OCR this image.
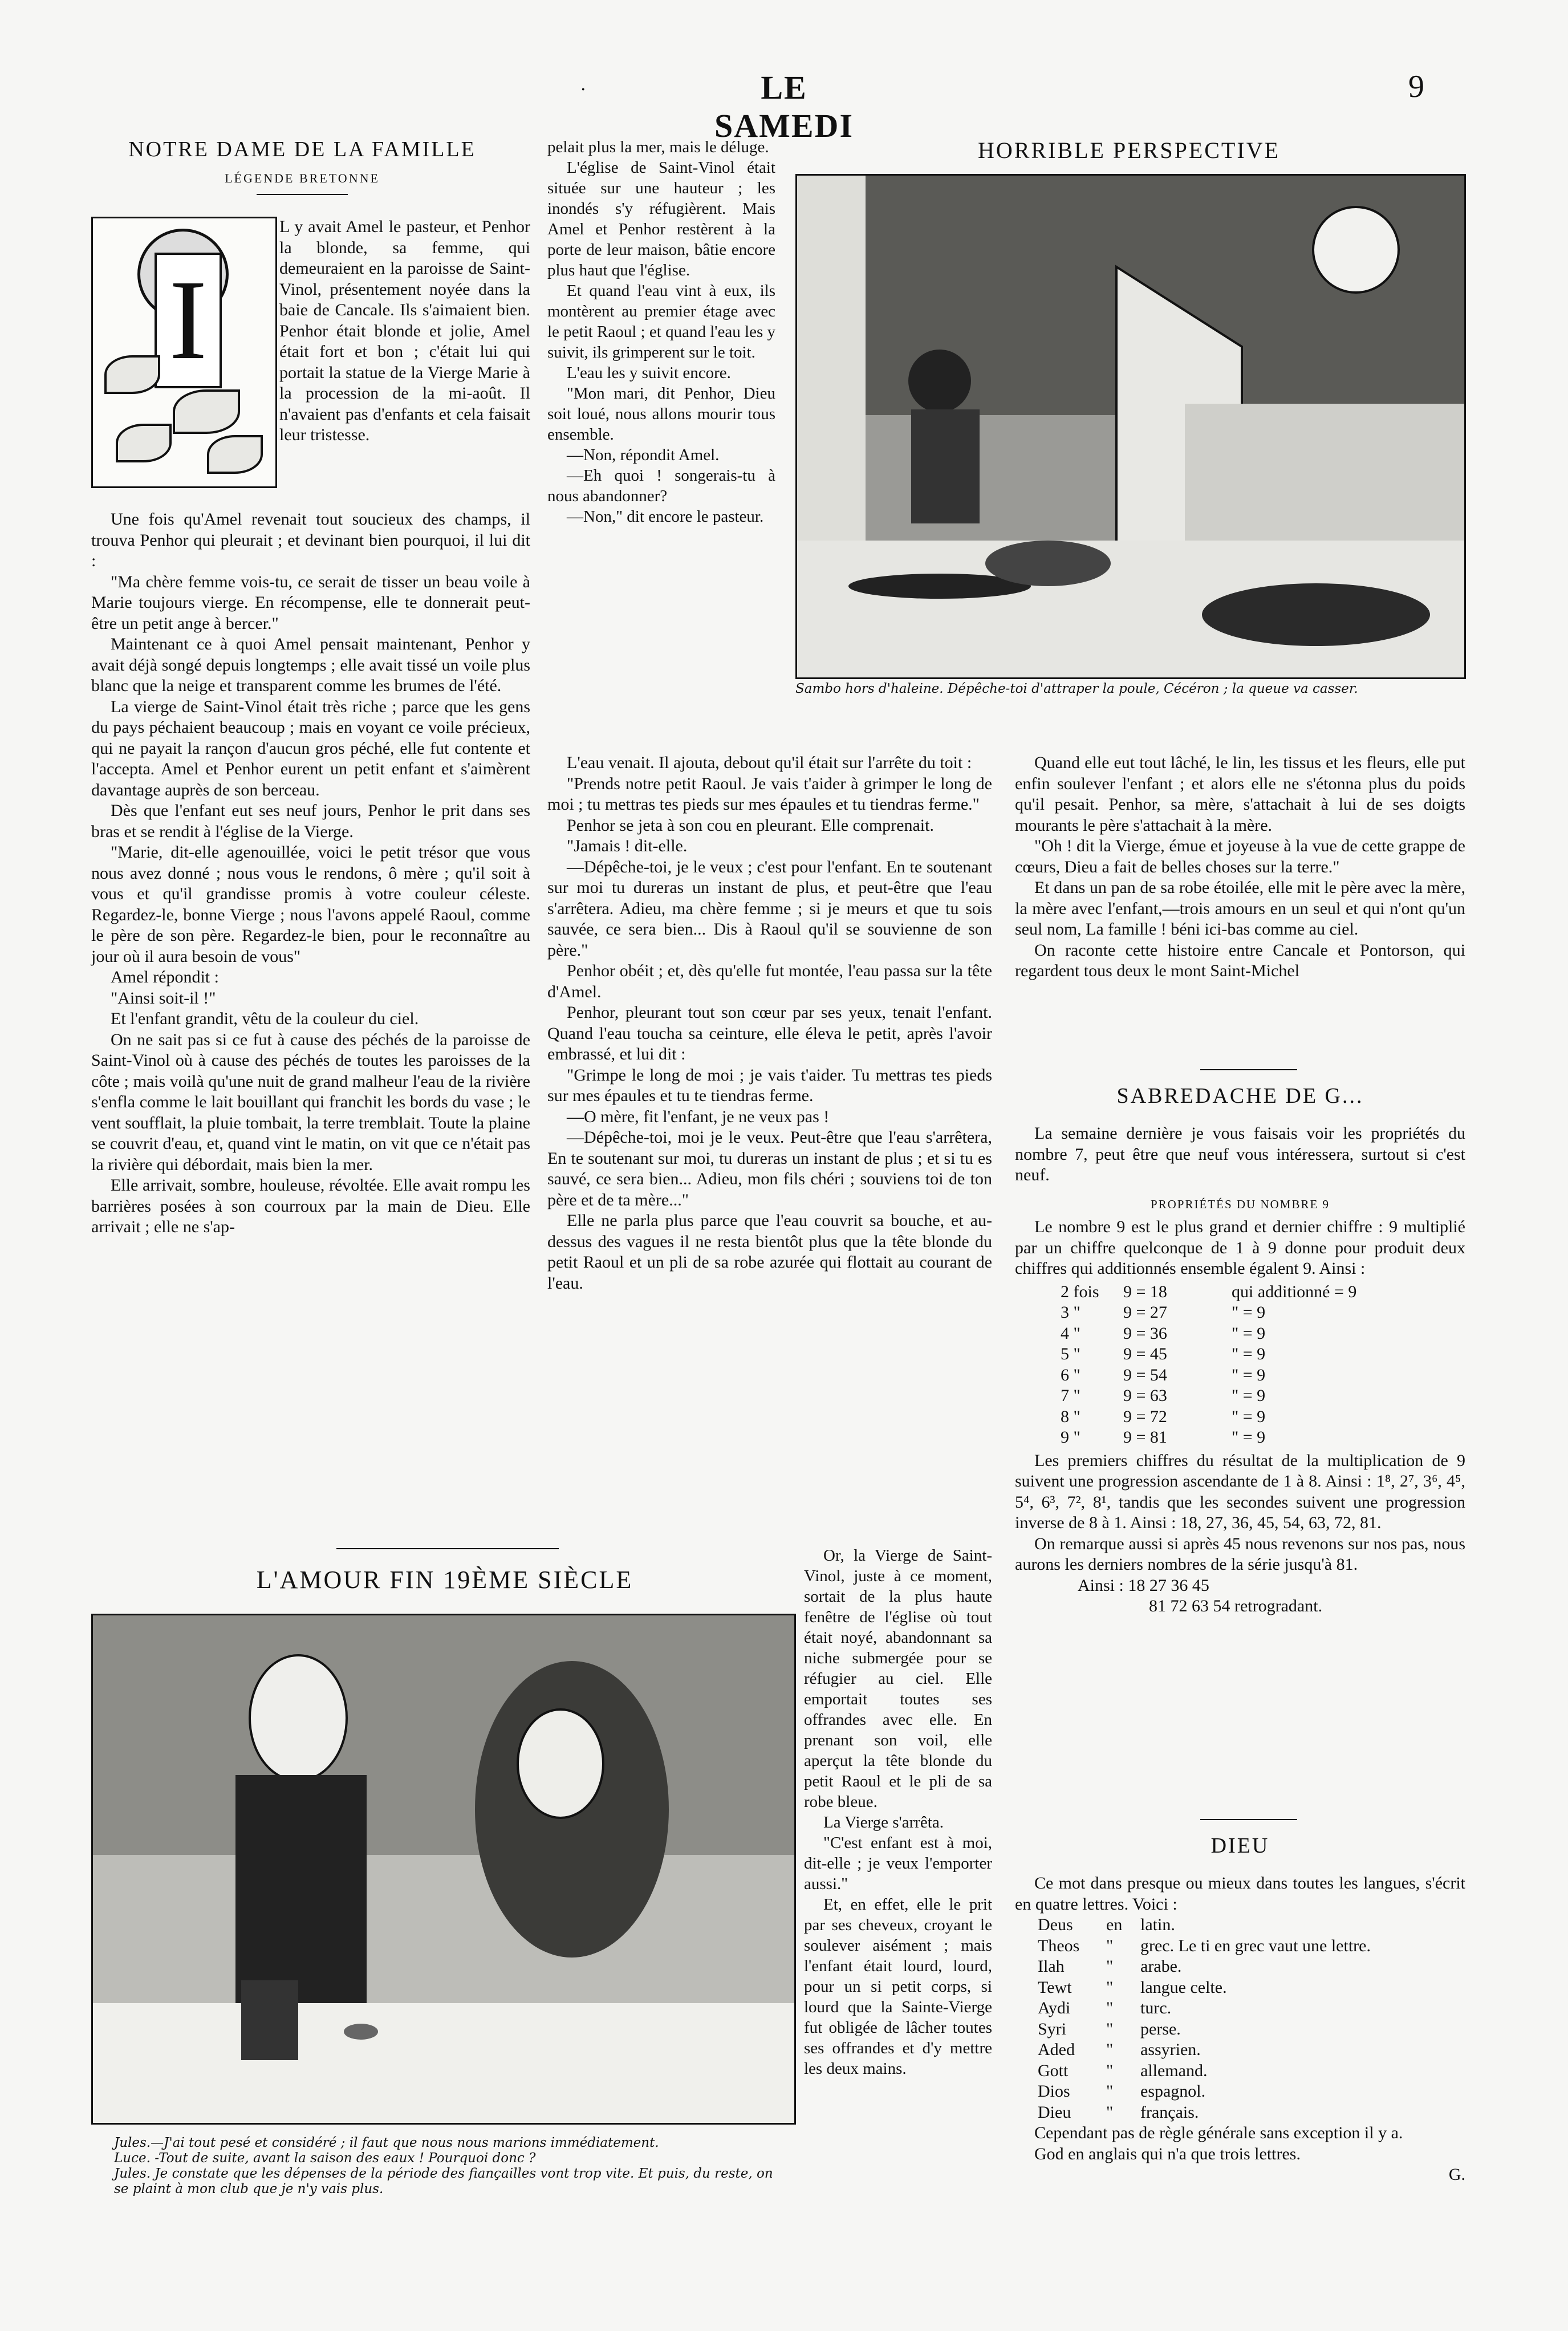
·	LE SAMEDI
9
NOTRE DAME DE LA FAMILLE
LÉGENDE BRETONNE
I

L y avait Amel le pasteur, et Penhor la blonde, sa femme, qui demeuraient en la paroisse de Saint-Vinol, présentement noyée dans la baie de Cancale. Ils s'aimaient bien. Penhor était blonde et jolie, Amel était fort et bon ; c'était lui qui portait la statue de la Vierge Marie à la procession de la mi-août. Il n'avaient pas d'enfants et cela faisait leur tristesse.

Une fois qu'Amel revenait tout soucieux des champs, il trouva Penhor qui pleurait ; et devinant bien pourquoi, il lui dit :

"Ma chère femme vois-tu, ce serait de tisser un beau voile à Marie toujours vierge. En récompense, elle te donnerait peut-être un petit ange à bercer."

Maintenant ce à quoi Amel pensait maintenant, Penhor y avait déjà songé depuis longtemps ; elle avait tissé un voile plus blanc que la neige et transparent comme les brumes de l'été.

La vierge de Saint-Vinol était très riche ; parce que les gens du pays péchaient beaucoup ; mais en voyant ce voile précieux, qui ne payait la rançon d'aucun gros péché, elle fut contente et l'accepta. Amel et Penhor eurent un petit enfant et s'aimèrent davantage auprès de son berceau.

Dès que l'enfant eut ses neuf jours, Penhor le prit dans ses bras et se rendit à l'église de la Vierge.

"Marie, dit-elle agenouillée, voici le petit trésor que vous nous avez donné ; nous vous le rendons, ô mère ; qu'il soit à vous et qu'il grandisse promis à votre couleur céleste. Regardez-le, bonne Vierge ; nous l'avons appelé Raoul, comme le père de son père. Regardez-le bien, pour le reconnaître au jour où il aura besoin de vous"

Amel répondit :

"Ainsi soit-il !"

Et l'enfant grandit, vêtu de la couleur du ciel.

On ne sait pas si ce fut à cause des péchés de la paroisse de Saint-Vinol où à cause des péchés de toutes les paroisses de la côte ; mais voilà qu'une nuit de grand malheur l'eau de la rivière s'enfla comme le lait bouillant qui franchit les bords du vase ; le vent soufflait, la pluie tombait, la terre tremblait. Toute la plaine se couvrit d'eau, et, quand vint le matin, on vit que ce n'était pas la rivière qui débordait, mais bien la mer.

Elle arrivait, sombre, houleuse, révoltée. Elle avait rompu les barrières posées à son courroux par la main de Dieu. Elle arrivait ; elle ne s'ap-

pelait plus la mer, mais le déluge.

L'église de Saint-Vinol était située sur une hauteur ; les inondés s'y réfugièrent. Mais Amel et Penhor restèrent à la porte de leur maison, bâtie encore plus haut que l'église.

Et quand l'eau vint à eux, ils montèrent au premier étage avec le petit Raoul ; et quand l'eau les y suivit, ils grimperent sur le toit.

L'eau les y suivit encore.

"Mon mari, dit Penhor, Dieu soit loué, nous allons mourir tous ensemble.

—Non, répondit Amel.

—Eh quoi ! songerais-tu à nous abandonner?

—Non," dit encore le pasteur.

HORRIBLE PERSPECTIVE
Sambo hors d'haleine. Dépêche-toi d'attraper la poule, Cécéron ; la queue va casser.

L'eau venait. Il ajouta, debout qu'il était sur l'arrête du toit :

"Prends notre petit Raoul. Je vais t'aider à grimper le long de moi ; tu mettras tes pieds sur mes épaules et tu tiendras ferme."

Penhor se jeta à son cou en pleurant. Elle comprenait.

"Jamais ! dit-elle.

—Dépêche-toi, je le veux ; c'est pour l'enfant. En te soutenant sur moi tu dureras un instant de plus, et peut-être que l'eau s'arrêtera. Adieu, ma chère femme ; si je meurs et que tu sois sauvée, ce sera bien... Dis à Raoul qu'il se souvienne de son père."

Penhor obéit ; et, dès qu'elle fut montée, l'eau passa sur la tête d'Amel.

Penhor, pleurant tout son cœur par ses yeux, tenait l'enfant. Quand l'eau toucha sa ceinture, elle éleva le petit, après l'avoir embrassé, et lui dit :

"Grimpe le long de moi ; je vais t'aider. Tu mettras tes pieds sur mes épaules et tu te tiendras ferme.

—O mère, fit l'enfant, je ne veux pas !

—Dépêche-toi, moi je le veux. Peut-être que l'eau s'arrêtera, En te soutenant sur moi, tu dureras un instant de plus ; et si tu es sauvé, ce sera bien... Adieu, mon fils chéri ; souviens toi de ton père et de ta mère..."

Elle ne parla plus parce que l'eau couvrit sa bouche, et au-dessus des vagues il ne resta bientôt plus que la tête blonde du petit Raoul et un pli de sa robe azurée qui flottait au courant de l'eau.

L'AMOUR FIN 19ÈME SIÈCLE
Jules.—J'ai tout pesé et considéré ; il faut que nous nous marions immédiatement.
Luce. -Tout de suite, avant la saison des eaux ! Pourquoi donc ?
Jules. Je constate que les dépenses de la période des fiançailles vont trop vite. Et puis, du reste, on se plaint à mon club que je n'y vais plus.

Or, la Vierge de Saint-Vinol, juste à ce moment, sortait de la plus haute fenêtre de l'église où tout était noyé, abandonnant sa niche submergée pour se réfugier au ciel. Elle emportait toutes ses offrandes avec elle. En prenant son voil, elle aperçut la tête blonde du petit Raoul et le pli de sa robe bleue.

La Vierge s'arrêta.

"C'est enfant est à moi, dit-elle ; je veux l'emporter aussi."

Et, en effet, elle le prit par ses cheveux, croyant le soulever aisément ; mais l'enfant était lourd, lourd, pour un si petit corps, si lourd que la Sainte-Vierge fut obligée de lâcher toutes ses offrandes et d'y mettre les deux mains.

Quand elle eut tout lâché, le lin, les tissus et les fleurs, elle put enfin soulever l'enfant ; et alors elle ne s'étonna plus du poids qu'il pesait. Penhor, sa mère, s'attachait à lui de ses doigts mourants le père s'attachait à la mère.

"Oh ! dit la Vierge, émue et joyeuse à la vue de cette grappe de cœurs, Dieu a fait de belles choses sur la terre."

Et dans un pan de sa robe étoilée, elle mit le père avec la mère, la mère avec l'enfant,—trois amours en un seul et qui n'ont qu'un seul nom, La famille ! béni ici-bas comme au ciel.

On raconte cette histoire entre Cancale et Pontorson, qui regardent tous deux le mont Saint-Michel

SABREDACHE DE G...

La semaine dernière je vous faisais voir les propriétés du nombre 7, peut être que neuf vous intéressera, surtout si c'est neuf.

PROPRIÉTÉS DU NOMBRE 9

Le nombre 9 est le plus grand et dernier chiffre : 9 multiplié par un chiffre quelconque de 1 à 9 donne pour produit deux chiffres qui additionnés ensemble égalent 9. Ainsi :

2 fois	9 = 18	qui additionné = 9
3 "	9 = 27	" = 9
4 "	9 = 36	" = 9
5 "	9 = 45	" = 9
6 "	9 = 54	" = 9
7 "	9 = 63	" = 9
8 "	9 = 72	" = 9
9 "	9 = 81	" = 9

Les premiers chiffres du résultat de la multiplication de 9 suivent une progression ascendante de 1 à 8. Ainsi : 1⁸, 2⁷, 3⁶, 4⁵, 5⁴, 6³, 7², 8¹, tandis que les secondes suivent une progression inverse de 8 à 1. Ainsi : 18, 27, 36, 45, 54, 63, 72, 81.

On remarque aussi si après 45 nous revenons sur nos pas, nous aurons les derniers nombres de la série jusqu'à 81.

Ainsi : 18 27 36 45

81 72 63 54 retrogradant.

DIEU

Ce mot dans presque ou mieux dans toutes les langues, s'écrit en quatre lettres. Voici :

Deus	en	latin.
Theos	"	grec. Le ti en grec vaut une lettre.
Ilah	"	arabe.
Tewt	"	langue celte.
Aydi	"	turc.
Syri	"	perse.
Aded	"	assyrien.
Gott	"	allemand.
Dios	"	espagnol.
Dieu	"	français.

Cependant pas de règle générale sans exception il y a.

God en anglais qui n'a que trois lettres.

G.
